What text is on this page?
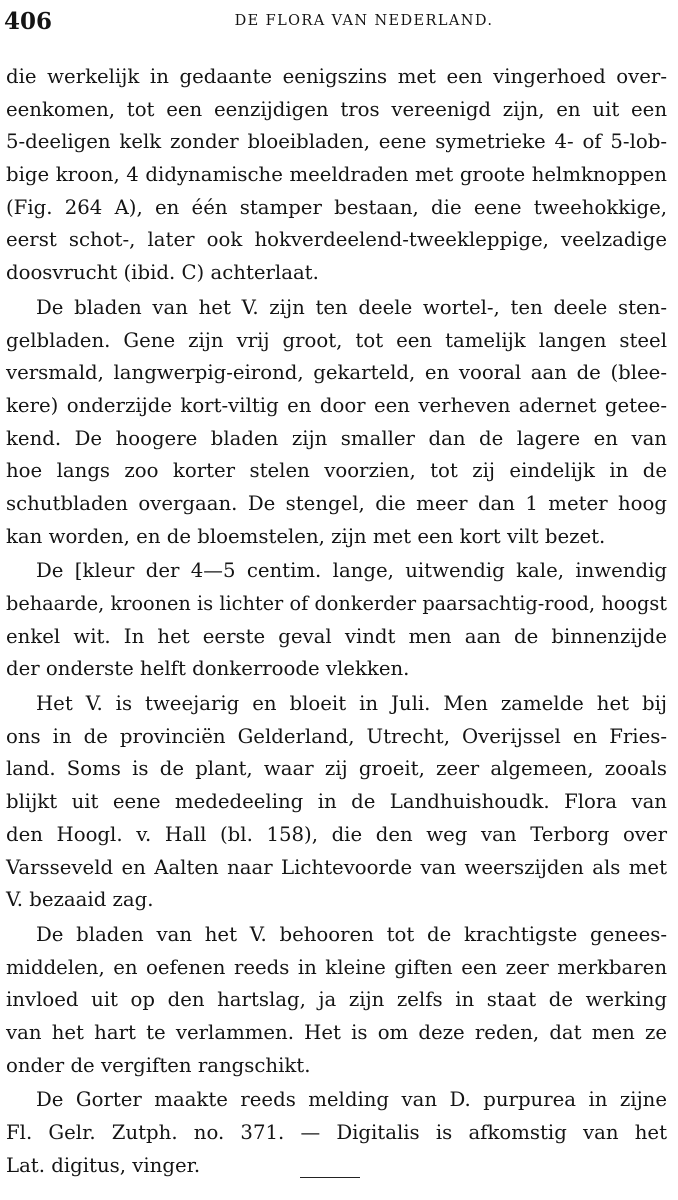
406	DE FLORA VAN NEDERLAND.
die werkelijk in gedaante eenigszins met een vingerhoed over-
eenkomen, tot een eenzijdigen tros vereenigd zijn, en uit een
5-deeligen kelk zonder bloeibladen, eene symetrieke 4- of 5-lob-
bige kroon, 4 didynamische meeldraden met groote helmknoppen
(Fig. 264 A), en één stamper bestaan, die eene tweehokkige,
eerst schot-, later ook hokverdeelend-tweekleppige, veelzadige
doosvrucht (ibid. C) achterlaat.
De bladen van het V. zijn ten deele wortel-, ten deele sten-
gelbladen. Gene zijn vrij groot, tot een tamelijk langen steel
versmald, langwerpig-eirond, gekarteld, en vooral aan de (blee-
kere) onderzijde kort-viltig en door een verheven adernet getee-
kend. De hoogere bladen zijn smaller dan de lagere en van
hoe langs zoo korter stelen voorzien, tot zij eindelijk in de
schutbladen overgaan. De stengel, die meer dan 1 meter hoog
kan worden, en de bloemstelen, zijn met een kort vilt bezet.
De [kleur der 4—5 centim. lange, uitwendig kale, inwendig
behaarde, kroonen is lichter of donkerder paarsachtig-rood, hoogst
enkel wit. In het eerste geval vindt men aan de binnenzijde
der onderste helft donkerroode vlekken.
Het V. is tweejarig en bloeit in Juli. Men zamelde het bij
ons in de provinciën Gelderland, Utrecht, Overijssel en Fries-
land. Soms is de plant, waar zij groeit, zeer algemeen, zooals
blijkt uit eene mededeeling in de Landhuishoudk. Flora van
den Hoogl. v. Hall (bl. 158), die den weg van Terborg over
Varsseveld en Aalten naar Lichtevoorde van weerszijden als met
V. bezaaid zag.
De bladen van het V. behooren tot de krachtigste genees-
middelen, en oefenen reeds in kleine giften een zeer merkbaren
invloed uit op den hartslag, ja zijn zelfs in staat de werking
van het hart te verlammen. Het is om deze reden, dat men ze
onder de vergiften rangschikt.
De Gorter maakte reeds melding van D. purpurea in zijne
Fl. Gelr. Zutph. no. 371. — Digitalis is afkomstig van het
Lat. digitus, vinger.
